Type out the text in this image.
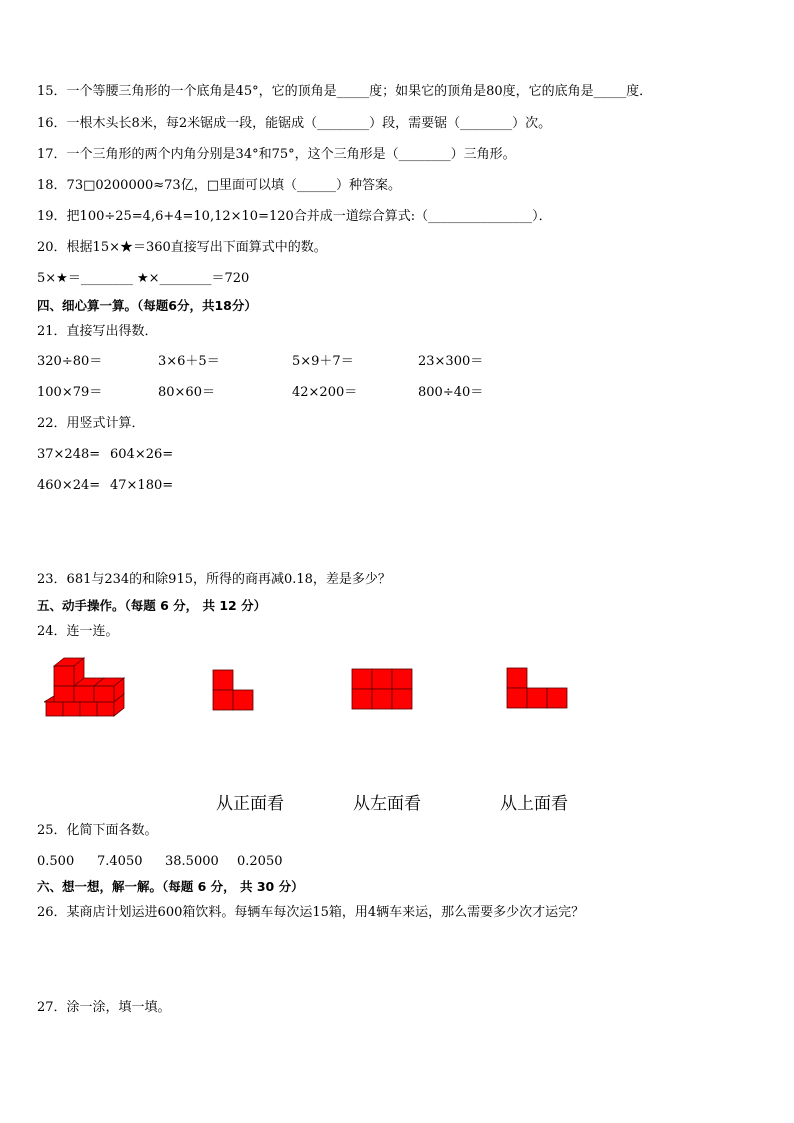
15．一个等腰三角形的一个底角是45°，它的顶角是_____度；如果它的顶角是80度，它的底角是_____度．
16．一根木头长8米，每2米锯成一段，能锯成（________）段，需要锯（________）次。
17．一个三角形的两个内角分别是34°和75°，这个三角形是（________）三角形。
18．73□0200000≈73亿，□里面可以填（______）种答案。
19．把100÷25=4,6+4=10,12×10=120合并成一道综合算式:（________________）．
20．根据15×★＝360直接写出下面算式中的数。
5×★＝________ ★×________＝720
四、细心算一算。（每题6分，共18分）
21．直接写出得数．
320÷80＝	3×6＋5＝	5×9＋7＝	23×300＝
100×79＝	80×60＝	42×200＝	800÷40＝
22．用竖式计算．
37×248= 604×26=
460×24= 47×180=
23．681与234的和除915，所得的商再减0.18，差是多少？
五、动手操作。（每题 6 分， 共 12 分）
24．连一连。
从正面看	从左面看	从上面看
25．化简下面各数。
0.500 7.4050 38.5000 0.2050
六、想一想，解一解。（每题 6 分， 共 30 分）
26．某商店计划运进600箱饮料。每辆车每次运15箱，用4辆车来运，那么需要多少次才运完？
27．涂一涂，填一填。
